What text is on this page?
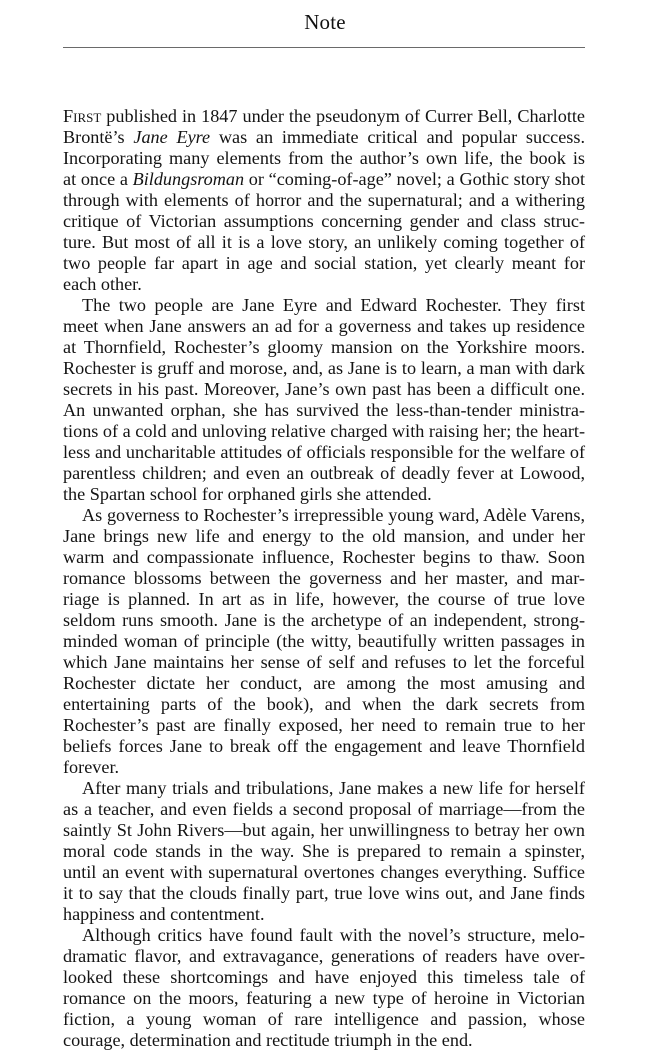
Note
First published in 1847 under the pseudonym of Currer Bell, Charlotte
Brontë’s Jane Eyre was an immediate critical and popular success.
Incorporating many elements from the author’s own life, the book is
at once a Bildungsroman or “coming-of-age” novel; a Gothic story shot
through with elements of horror and the supernatural; and a withering
critique of Victorian assumptions concerning gender and class struc-
ture. But most of all it is a love story, an unlikely coming together of
two people far apart in age and social station, yet clearly meant for
each other.
The two people are Jane Eyre and Edward Rochester. They first
meet when Jane answers an ad for a governess and takes up residence
at Thornfield, Rochester’s gloomy mansion on the Yorkshire moors.
Rochester is gruff and morose, and, as Jane is to learn, a man with dark
secrets in his past. Moreover, Jane’s own past has been a difficult one.
An unwanted orphan, she has survived the less-than-tender ministra-
tions of a cold and unloving relative charged with raising her; the heart-
less and uncharitable attitudes of officials responsible for the welfare of
parentless children; and even an outbreak of deadly fever at Lowood,
the Spartan school for orphaned girls she attended.
As governess to Rochester’s irrepressible young ward, Adèle Varens,
Jane brings new life and energy to the old mansion, and under her
warm and compassionate influence, Rochester begins to thaw. Soon
romance blossoms between the governess and her master, and mar-
riage is planned. In art as in life, however, the course of true love
seldom runs smooth. Jane is the archetype of an independent, strong-
minded woman of principle (the witty, beautifully written passages in
which Jane maintains her sense of self and refuses to let the forceful
Rochester dictate her conduct, are among the most amusing and
entertaining parts of the book), and when the dark secrets from
Rochester’s past are finally exposed, her need to remain true to her
beliefs forces Jane to break off the engagement and leave Thornfield
forever.
After many trials and tribulations, Jane makes a new life for herself
as a teacher, and even fields a second proposal of marriage—from the
saintly St John Rivers—but again, her unwillingness to betray her own
moral code stands in the way. She is prepared to remain a spinster,
until an event with supernatural overtones changes everything. Suffice
it to say that the clouds finally part, true love wins out, and Jane finds
happiness and contentment.
Although critics have found fault with the novel’s structure, melo-
dramatic flavor, and extravagance, generations of readers have over-
looked these shortcomings and have enjoyed this timeless tale of
romance on the moors, featuring a new type of heroine in Victorian
fiction, a young woman of rare intelligence and passion, whose
courage, determination and rectitude triumph in the end.
